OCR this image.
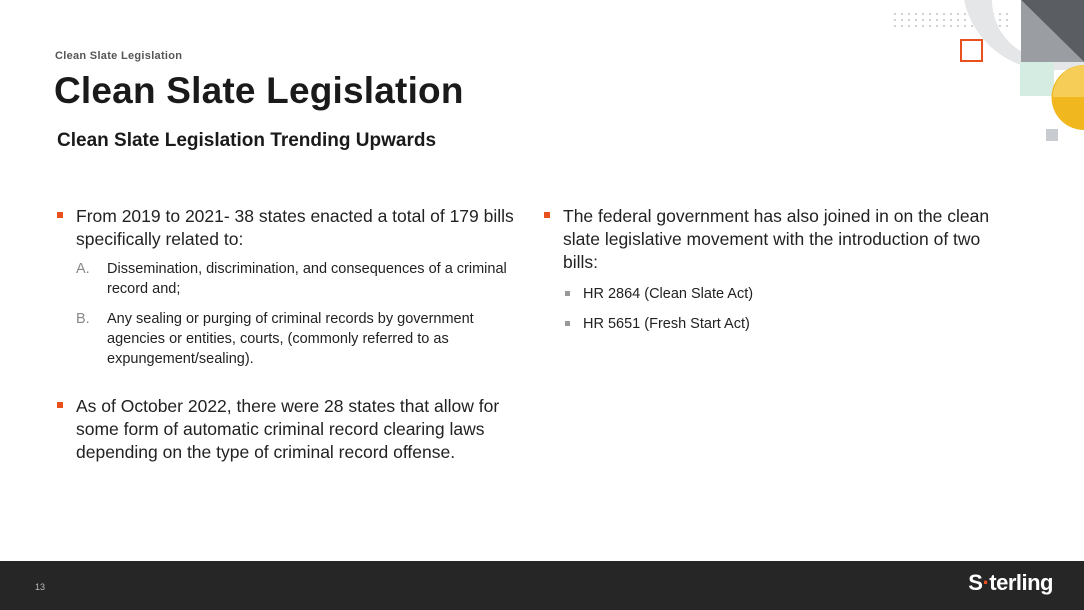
Clean Slate Legislation
Clean Slate Legislation
Clean Slate Legislation Trending Upwards
From 2019 to 2021- 38 states enacted a total of 179 bills specifically related to:
A. Dissemination, discrimination, and consequences of a criminal record and;
B. Any sealing or purging of criminal records by government agencies or entities, courts, (commonly referred to as expungement/sealing).
As of October 2022, there were 28 states that allow for some form of automatic criminal record clearing laws depending on the type of criminal record offense.
The federal government has also joined in on the clean slate legislative movement with the introduction of two bills:
HR 2864 (Clean Slate Act)
HR 5651 (Fresh Start Act)
13	S·terling
